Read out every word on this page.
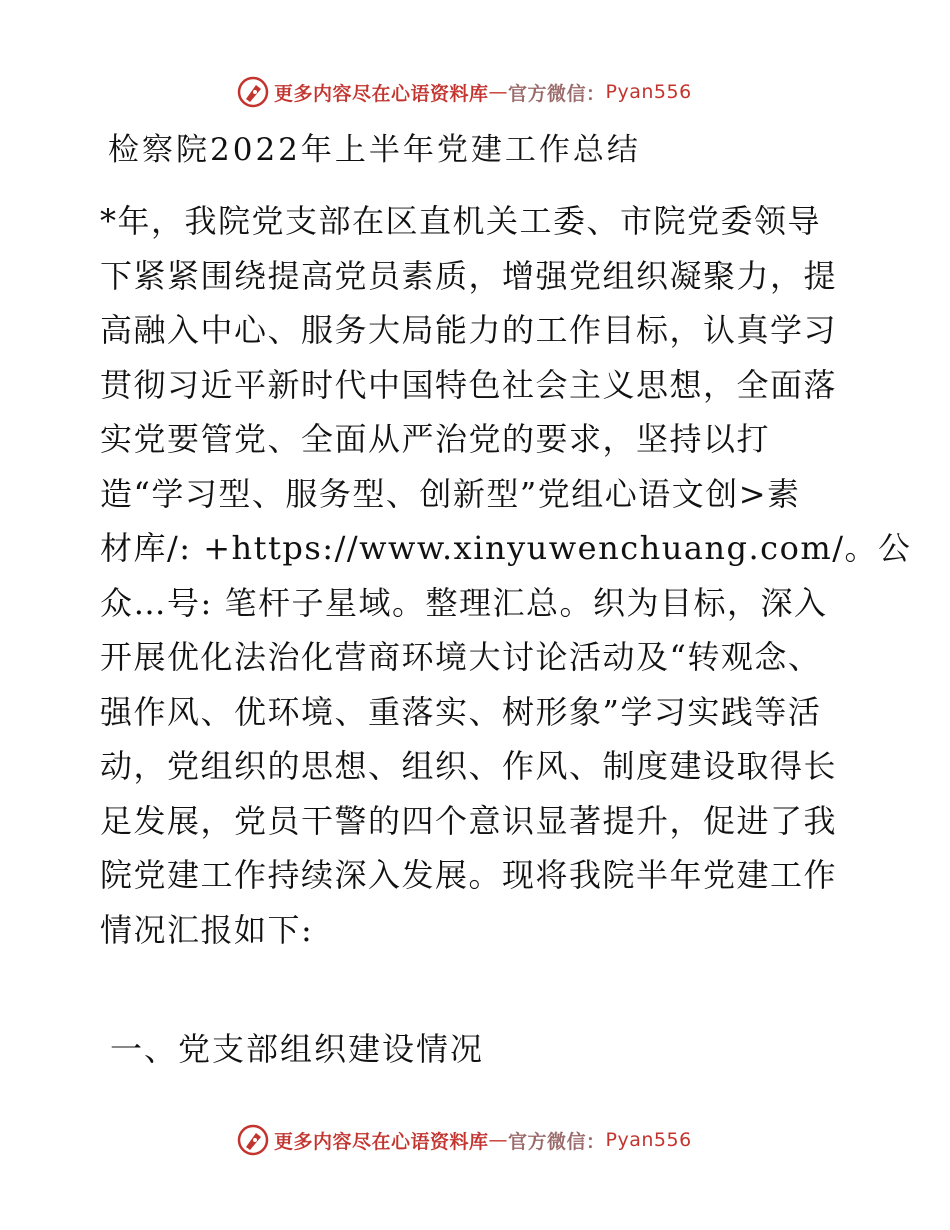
更多内容尽在心语资料库 — 官方微信： Pyan556
检察院2022年上半年党建工作总结
*年，我院党支部在区直机关工委、市院党委领导
下紧紧围绕提高党员素质，增强党组织凝聚力，提
高融入中心、服务大局能力的工作目标，认真学习
贯彻习近平新时代中国特色社会主义思想，全面落
实党要管党、全面从严治党的要求，坚持以打
造“学习型、服务型、创新型”党组心语文创>素
材库/: +https://www.xinyuwenchuang.com/。公
众…号: 笔杆子星域。整理汇总。织为目标，深入
开展优化法治化营商环境大讨论活动及“转观念、
强作风、优环境、重落实、树形象”学习实践等活
动，党组织的思想、组织、作风、制度建设取得长
足发展，党员干警的四个意识显著提升，促进了我
院党建工作持续深入发展。现将我院半年党建工作
情况汇报如下:
一、党支部组织建设情况
更多内容尽在心语资料库 — 官方微信： Pyan556
